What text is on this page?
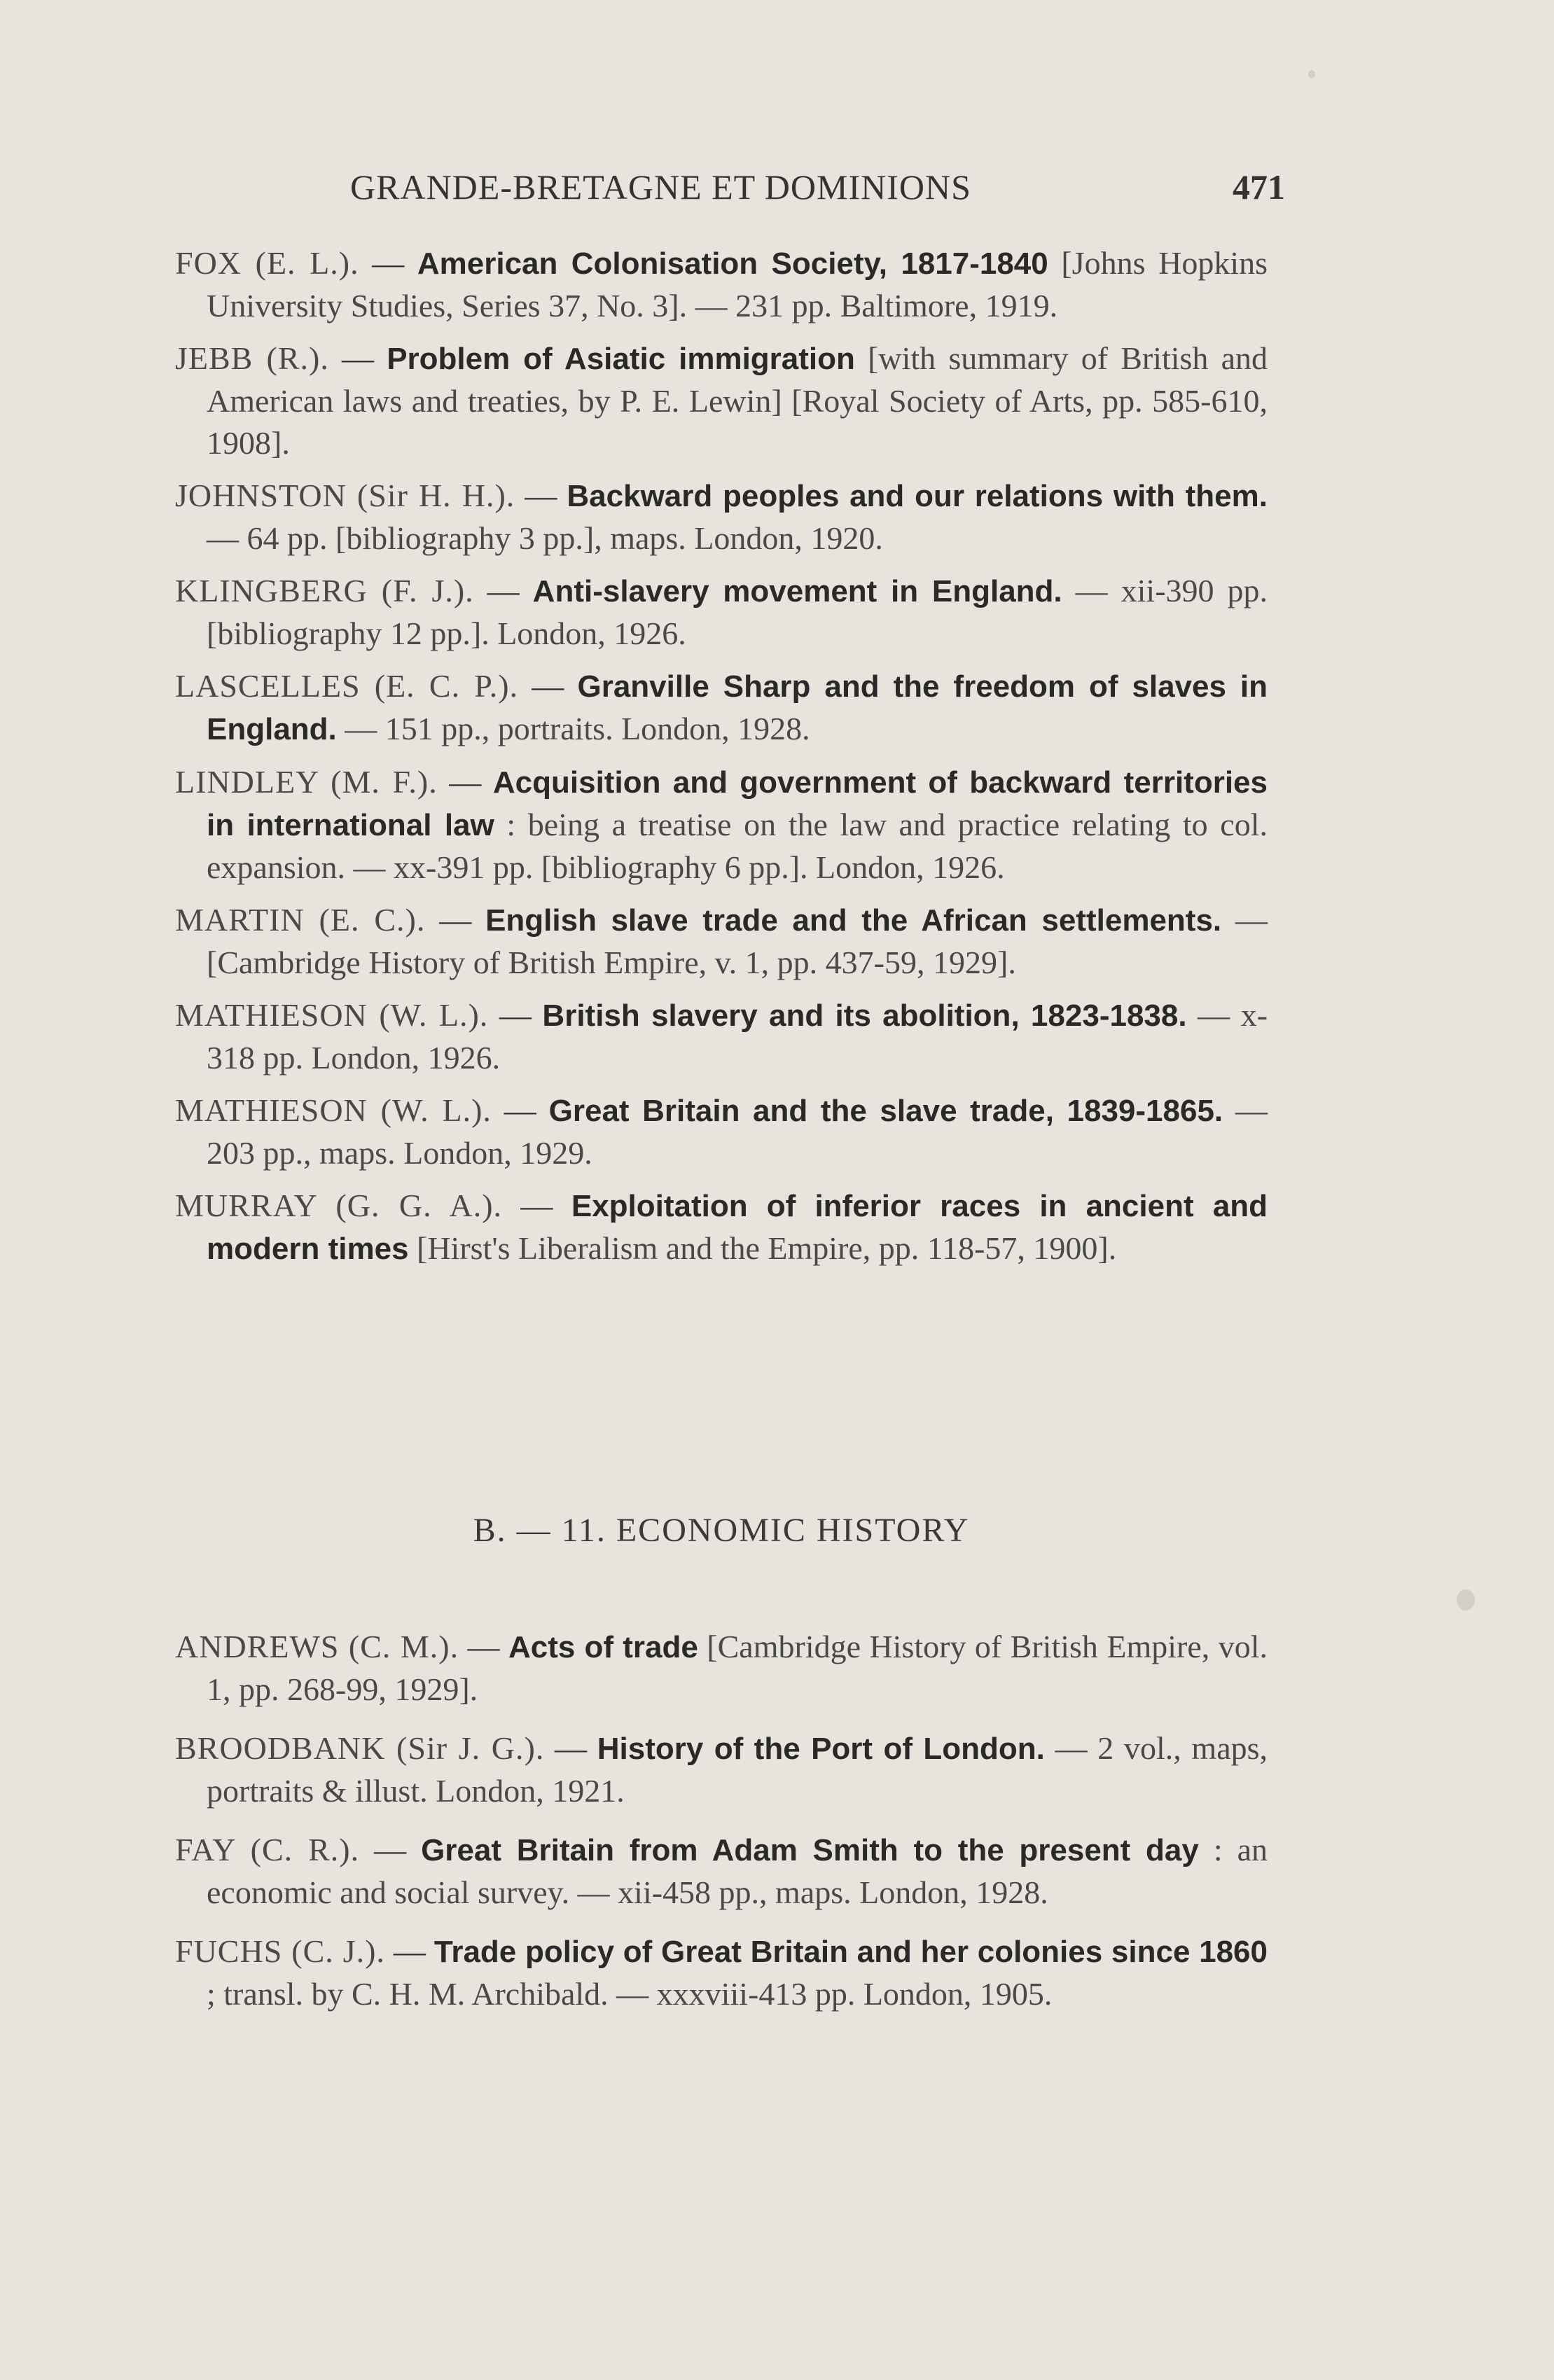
GRANDE-BRETAGNE ET DOMINIONS	471

FOX (E. L.). — American Colonisation Society, 1817-1840 [Johns Hopkins University Studies, Series 37, No. 3]. — 231 pp. Baltimore, 1919.

JEBB (R.). — Problem of Asiatic immigration [with summary of British and American laws and treaties, by P. E. Lewin] [Royal Society of Arts, pp. 585-610, 1908].

JOHNSTON (Sir H. H.). — Backward peoples and our relations with them. — 64 pp. [bibliography 3 pp.], maps. London, 1920.

KLINGBERG (F. J.). — Anti-slavery movement in England. — xii-390 pp. [bibliography 12 pp.]. London, 1926.

LASCELLES (E. C. P.). — Granville Sharp and the freedom of slaves in England. — 151 pp., portraits. London, 1928.

LINDLEY (M. F.). — Acquisition and government of backward territories in international law : being a treatise on the law and practice relating to col. expansion. — xx-391 pp. [bibliography 6 pp.]. London, 1926.

MARTIN (E. C.). — English slave trade and the African settlements. — [Cambridge History of British Empire, v. 1, pp. 437-59, 1929].

MATHIESON (W. L.). — British slavery and its abolition, 1823-1838. — x-318 pp. London, 1926.

MATHIESON (W. L.). — Great Britain and the slave trade, 1839-1865. — 203 pp., maps. London, 1929.

MURRAY (G. G. A.). — Exploitation of inferior races in ancient and modern times [Hirst's Liberalism and the Empire, pp. 118-57, 1900].

B. — 11. ECONOMIC HISTORY

ANDREWS (C. M.). — Acts of trade [Cambridge History of British Empire, vol. 1, pp. 268-99, 1929].

BROODBANK (Sir J. G.). — History of the Port of London. — 2 vol., maps, portraits & illust. London, 1921.

FAY (C. R.). — Great Britain from Adam Smith to the present day : an economic and social survey. — xii-458 pp., maps. London, 1928.

FUCHS (C. J.). — Trade policy of Great Britain and her colonies since 1860 ; transl. by C. H. M. Archibald. — xxxviii-413 pp. London, 1905.
